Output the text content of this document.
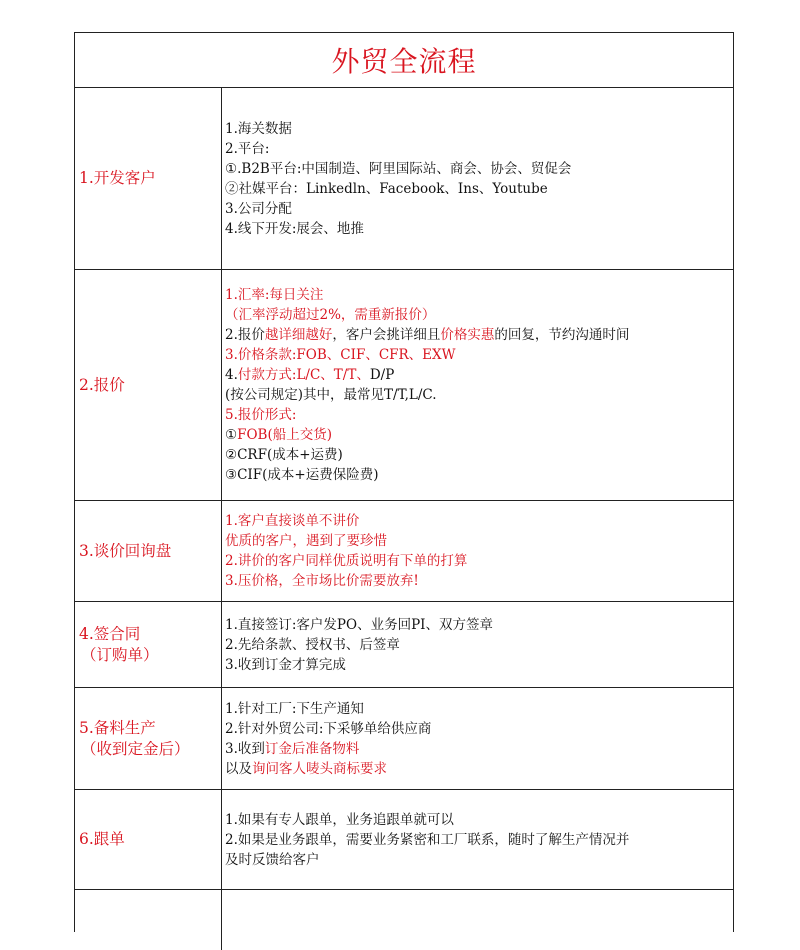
外贸全流程
1.开发客户
1.海关数据
2.平台:
①.B2B平台:中国制造、阿里国际站、商会、协会、贸促会
②社媒平台：Linkedln、Facebook、Ins、Youtube
3.公司分配
4.线下开发:展会、地推
2.报价
1.汇率:每日关注
（汇率浮动超过2%，需重新报价）
2.报价越详细越好，客户会挑详细且价格实惠的回复，节约沟通时间
3.价格条款:FOB、CIF、CFR、EXW
4.付款方式:L/C、T/T、D/P
(按公司规定)其中，最常见T/T,L/C.
5.报价形式:
①FOB(船上交货)
②CRF(成本+运费)
③CIF(成本+运费保险费)
3.谈价回询盘
1.客户直接谈单不讲价
优质的客户，遇到了要珍惜
2.讲价的客户同样优质说明有下单的打算
3.压价格，全市场比价需要放弃!
4.签合同
（订购单）
1.直接签订:客户发PO、业务回PI、双方签章
2.先给条款、授权书、后签章
3.收到订金才算完成
5.备料生产
（收到定金后）
1.针对工厂:下生产通知
2.针对外贸公司:下采够单给供应商
3.收到订金后准备物料
以及询问客人唛头商标要求
6.跟单
1.如果有专人跟单，业务追跟单就可以
2.如果是业务跟单，需要业务紧密和工厂联系，随时了解生产情况并
及时反馈给客户
